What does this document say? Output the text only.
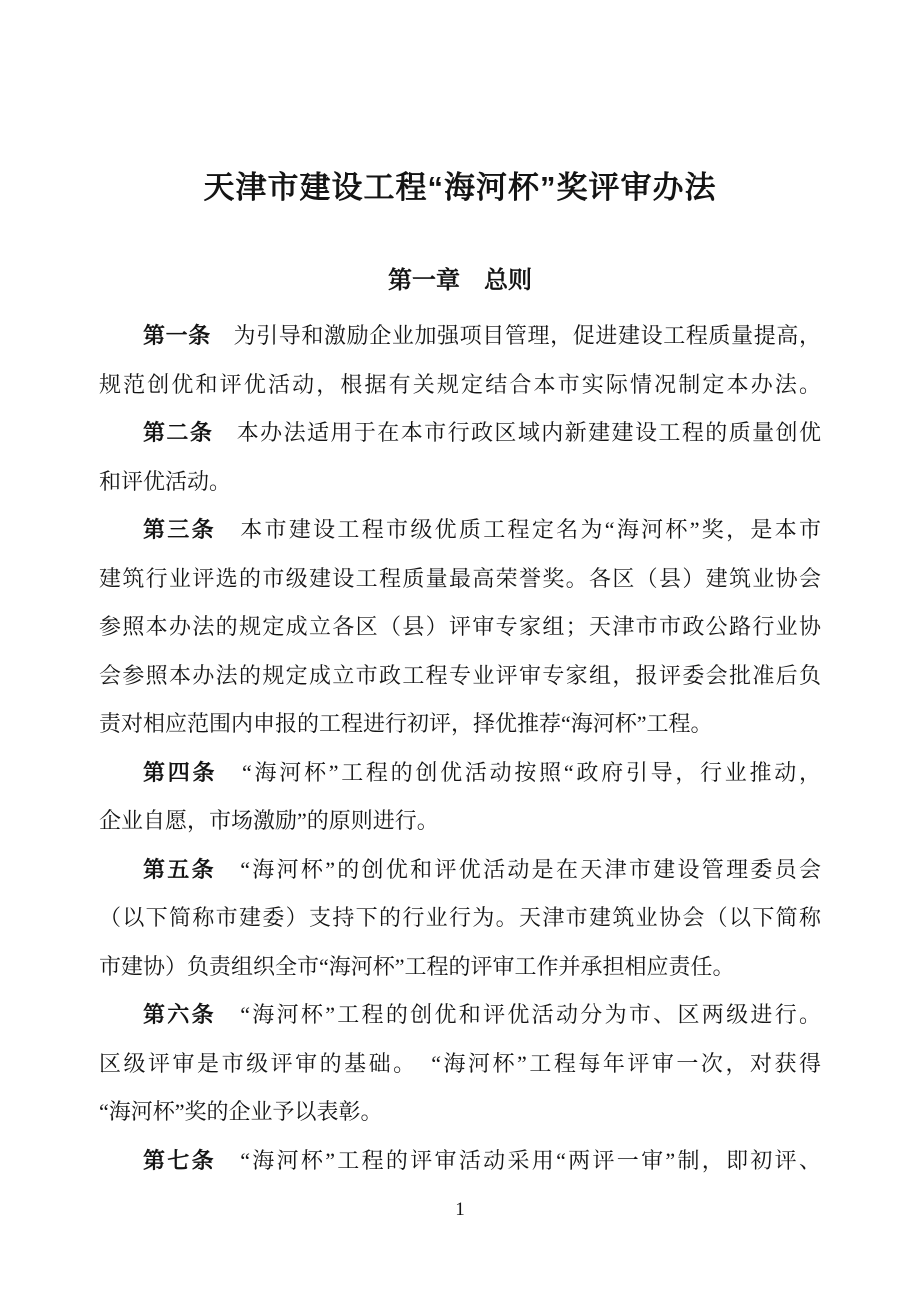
天津市建设工程“海河杯”奖评审办法
第一章　总则
第一条　为引导和激励企业加强项目管理，促进建设工程质量提高，
规范创优和评优活动，根据有关规定结合本市实际情况制定本办法。
第二条　本办法适用于在本市行政区域内新建建设工程的质量创优
和评优活动。
第三条　本市建设工程市级优质工程定名为“海河杯”奖，是本市
建筑行业评选的市级建设工程质量最高荣誉奖。各区（县）建筑业协会
参照本办法的规定成立各区（县）评审专家组；天津市市政公路行业协
会参照本办法的规定成立市政工程专业评审专家组，报评委会批准后负
责对相应范围内申报的工程进行初评，择优推荐“海河杯”工程。
第四条　“海河杯”工程的创优活动按照“政府引导，行业推动，
企业自愿，市场激励”的原则进行。
第五条　“海河杯”的创优和评优活动是在天津市建设管理委员会
（以下简称市建委）支持下的行业行为。天津市建筑业协会（以下简称
市建协）负责组织全市“海河杯”工程的评审工作并承担相应责任。
第六条　“海河杯”工程的创优和评优活动分为市、区两级进行。
区级评审是市级评审的基础。　“海河杯”工程每年评审一次，对获得
“海河杯”奖的企业予以表彰。
第七条　“海河杯”工程的评审活动采用“两评一审”制，即初评、
1
